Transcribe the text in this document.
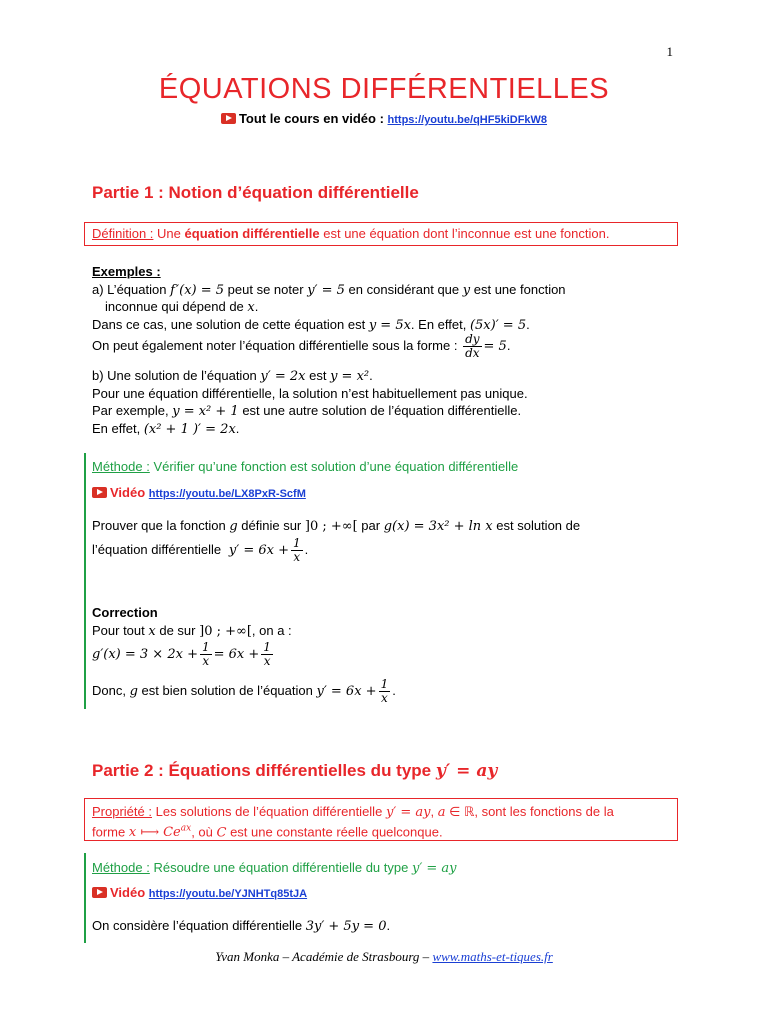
1
ÉQUATIONS DIFFÉRENTIELLES
Tout le cours en vidéo : https://youtu.be/qHF5kiDFkW8
Partie 1 : Notion d’équation différentielle
Définition : Une équation différentielle est une équation dont l’inconnue est une fonction.
Exemples :
a) L’équation f ′(x) = 5 peut se noter y′ = 5 en considérant que y est une fonction
inconnue qui dépend de x.
Dans ce cas, une solution de cette équation est y = 5x. En effet, (5x)′ = 5.
On peut également noter l’équation différentielle sous la forme : $\frac{dy}{dx} = 5$.
b) Une solution de l’équation y′ = 2x est y = x².
Pour une équation différentielle, la solution n’est habituellement pas unique.
Par exemple, y = x² + 1 est une autre solution de l’équation différentielle.
En effet, (x² + 1 )′ = 2x.
Méthode : Vérifier qu’une fonction est solution d’une équation différentielle
Vidéo https://youtu.be/LX8PxR-ScfM
Prouver que la fonction g définie sur ]0 ; +∞[ par g(x) = 3x² + ln x est solution de
l’équation différentielle  $y' = 6x + \frac{1}{x}$ .
Correction
Pour tout x de sur ]0 ; +∞[, on a :
$g'(x) = 3 \times 2x + \frac{1}{x} = 6x + \frac{1}{x}$
Donc, g est bien solution de l’équation $y' = 6x + \frac{1}{x}$ .
Partie 2 : Équations différentielles du type y′ = ay
Propriété : Les solutions de l’équation différentielle y′ = ay, a ∈ ℝ, sont les fonctions de la
forme x ⟼ $Ce^{ax}$, où C est une constante réelle quelconque.
Méthode : Résoudre une équation différentielle du type y′ = ay
Vidéo https://youtu.be/YJNHTq85tJA
On considère l’équation différentielle 3y′ + 5y = 0.
Yvan Monka – Académie de Strasbourg – www.maths-et-tiques.fr
